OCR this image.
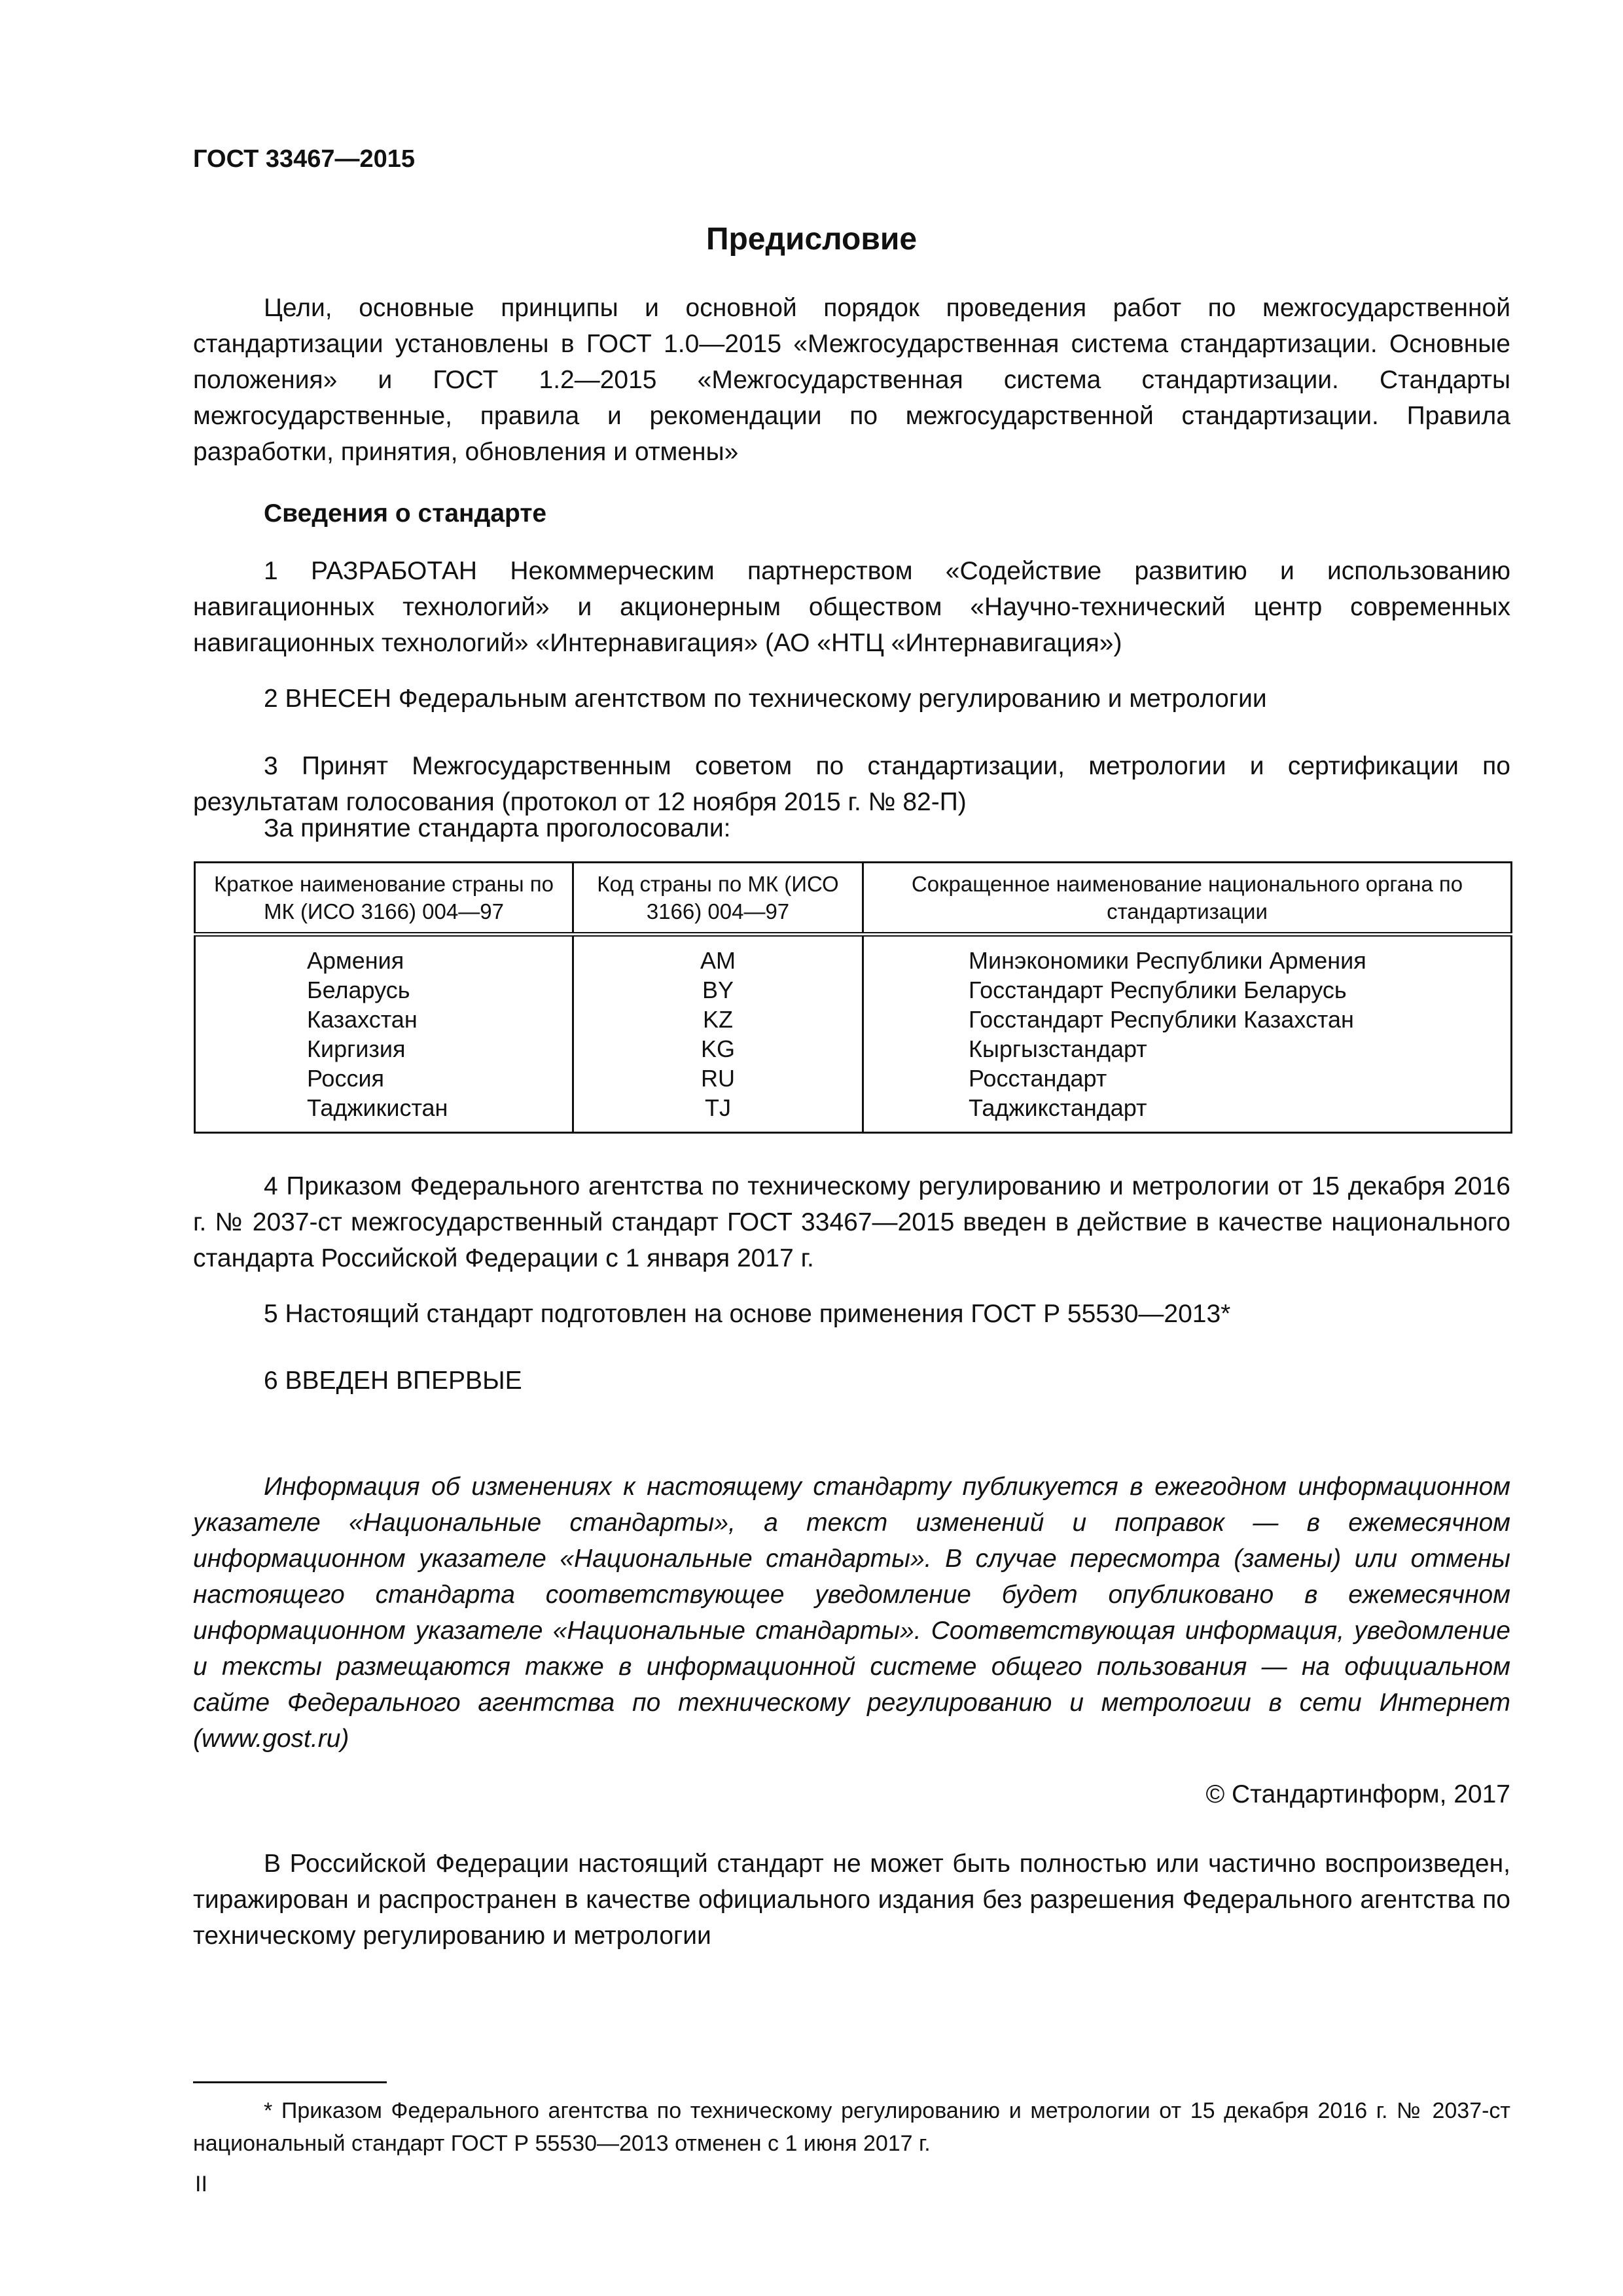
ГОСТ 33467—2015
Предисловие
Цели, основные принципы и основной порядок проведения работ по межгосударственной стандартизации установлены в ГОСТ 1.0—2015 «Межгосударственная система стандартизации. Основные положения» и ГОСТ 1.2—2015 «Межгосударственная система стандартизации. Стандарты межгосударственные, правила и рекомендации по межгосударственной стандартизации. Правила разработки, принятия, обновления и отмены»
Сведения о стандарте
1 РАЗРАБОТАН Некоммерческим партнерством «Содействие развитию и использованию навигационных технологий» и акционерным обществом «Научно-технический центр современных навигационных технологий» «Интернавигация» (АО «НТЦ «Интернавигация»)
2 ВНЕСЕН Федеральным агентством по техническому регулированию и метрологии
3 Принят Межгосударственным советом по стандартизации, метрологии и сертификации по результатам голосования (протокол от 12 ноября 2015 г. № 82-П)
За принятие стандарта проголосовали:
Краткое наименование страны по МК (ИСО 3166) 004—97	Код страны по МК (ИСО 3166) 004—97	Сокращенное наименование национального органа по стандартизации
Армения	AM	Минэкономики Республики Армения
Беларусь	BY	Госстандарт Республики Беларусь
Казахстан	KZ	Госстандарт Республики Казахстан
Киргизия	KG	Кыргызстандарт
Россия	RU	Росстандарт
Таджикистан	TJ	Таджикстандарт
4 Приказом Федерального агентства по техническому регулированию и метрологии от 15 декабря 2016 г. № 2037-ст межгосударственный стандарт ГОСТ 33467—2015 введен в действие в качестве национального стандарта Российской Федерации с 1 января 2017 г.
5 Настоящий стандарт подготовлен на основе применения ГОСТ Р 55530—2013*
6 ВВЕДЕН ВПЕРВЫЕ
Информация об изменениях к настоящему стандарту публикуется в ежегодном информационном указателе «Национальные стандарты», а текст изменений и поправок — в ежемесячном информационном указателе «Национальные стандарты». В случае пересмотра (замены) или отмены настоящего стандарта соответствующее уведомление будет опубликовано в ежемесячном информационном указателе «Национальные стандарты». Соответствующая информация, уведомление и тексты размещаются также в информационной системе общего пользования — на официальном сайте Федерального агентства по техническому регулированию и метрологии в сети Интернет (www.gost.ru)
© Стандартинформ, 2017
В Российской Федерации настоящий стандарт не может быть полностью или частично воспроизведен, тиражирован и распространен в качестве официального издания без разрешения Федерального агентства по техническому регулированию и метрологии
* Приказом Федерального агентства по техническому регулированию и метрологии от 15 декабря 2016 г. № 2037-ст национальный стандарт ГОСТ Р 55530—2013 отменен с 1 июня 2017 г.
II
